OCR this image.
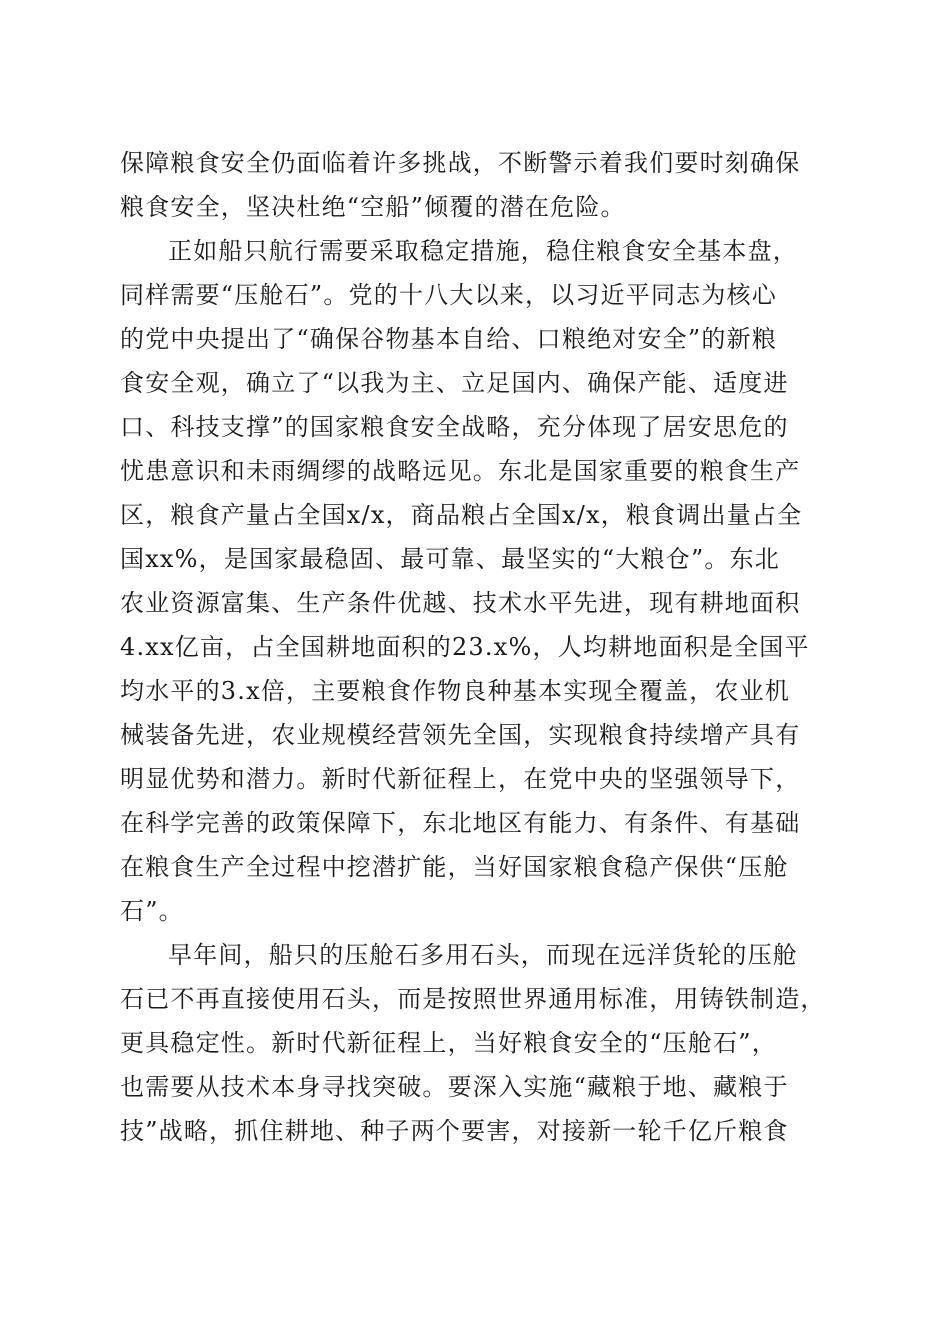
保障粮食安全仍面临着许多挑战，不断警示着我们要时刻确保
粮食安全，坚决杜绝“空船”倾覆的潜在危险。
正如船只航行需要采取稳定措施，稳住粮食安全基本盘，
同样需要“压舱石”。党的十八大以来，以习近平同志为核心
的党中央提出了“确保谷物基本自给、口粮绝对安全”的新粮
食安全观，确立了“以我为主、立足国内、确保产能、适度进
口、科技支撑”的国家粮食安全战略，充分体现了居安思危的
忧患意识和未雨绸缪的战略远见。东北是国家重要的粮食生产
区，粮食产量占全国x/x，商品粮占全国x/x，粮食调出量占全
国xx%，是国家最稳固、最可靠、最坚实的“大粮仓”。东北
农业资源富集、生产条件优越、技术水平先进，现有耕地面积
4.xx亿亩，占全国耕地面积的23.x%，人均耕地面积是全国平
均水平的3.x倍，主要粮食作物良种基本实现全覆盖，农业机
械装备先进，农业规模经营领先全国，实现粮食持续增产具有
明显优势和潜力。新时代新征程上，在党中央的坚强领导下，
在科学完善的政策保障下，东北地区有能力、有条件、有基础
在粮食生产全过程中挖潜扩能，当好国家粮食稳产保供“压舱
石”。
早年间，船只的压舱石多用石头，而现在远洋货轮的压舱
石已不再直接使用石头，而是按照世界通用标准，用铸铁制造，
更具稳定性。新时代新征程上，当好粮食安全的“压舱石”，
也需要从技术本身寻找突破。要深入实施“藏粮于地、藏粮于
技”战略，抓住耕地、种子两个要害，对接新一轮千亿斤粮食
